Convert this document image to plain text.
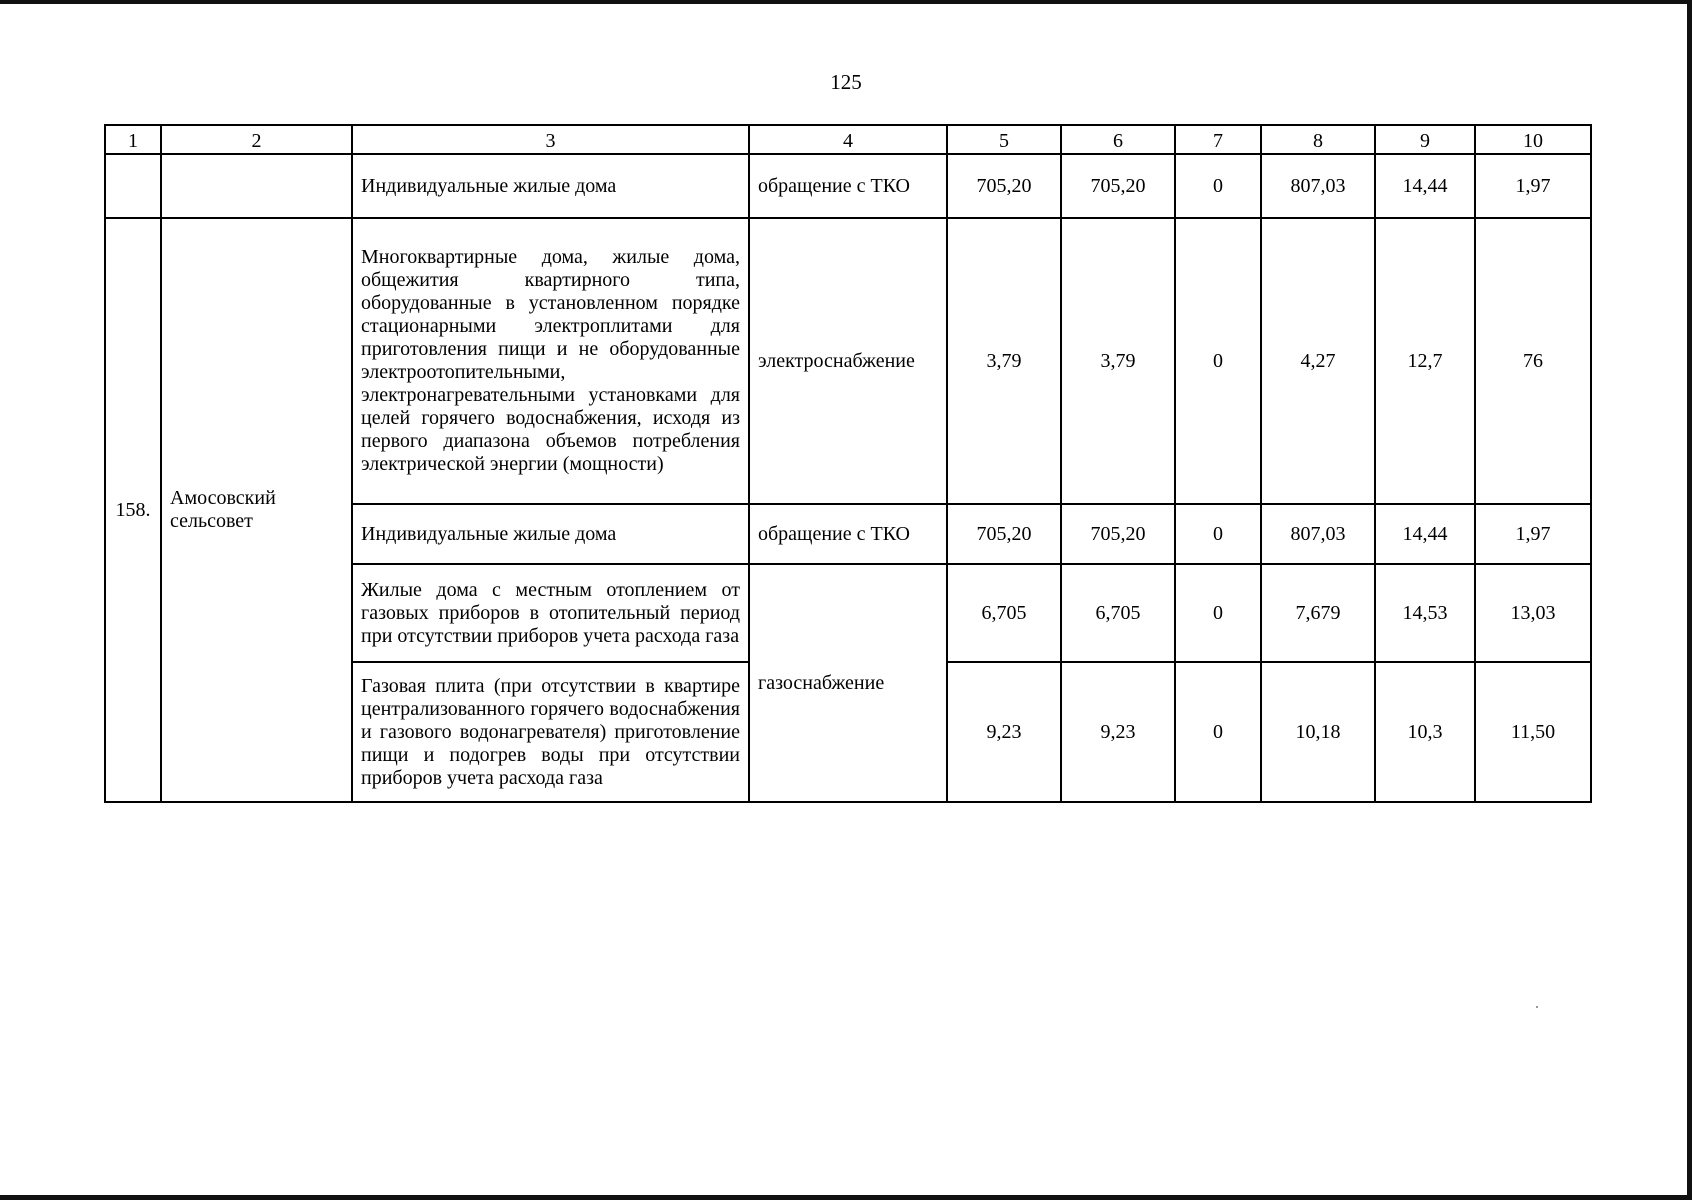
125
1	2	3	4	5	6	7	8	9	10
		Индивидуальные жилые дома	обращение с ТКО	705,20	705,20	0	807,03	14,44	1,97
158.	Амосовский сельсовет	Многоквартирные дома, жилые дома, общежития квартирного типа, оборудованные в установленном порядке стационарными электроплитами для приготовления пищи и не оборудованные электроотопительными, электронагревательными установками для целей горячего водоснабжения, исходя из первого диапазона объемов потребления электрической энергии (мощности)	электроснабжение	3,79	3,79	0	4,27	12,7	76
		Индивидуальные жилые дома	обращение с ТКО	705,20	705,20	0	807,03	14,44	1,97
		Жилые дома с местным отоплением от газовых приборов в отопительный период при отсутствии приборов учета расхода газа	газоснабжение	6,705	6,705	0	7,679	14,53	13,03
		Газовая плита (при отсутствии в квартире централизованного горячего водоснабжения и газового водонагревателя) приготовление пищи и подогрев воды при отсутствии приборов учета расхода газа		9,23	9,23	0	10,18	10,3	11,50
